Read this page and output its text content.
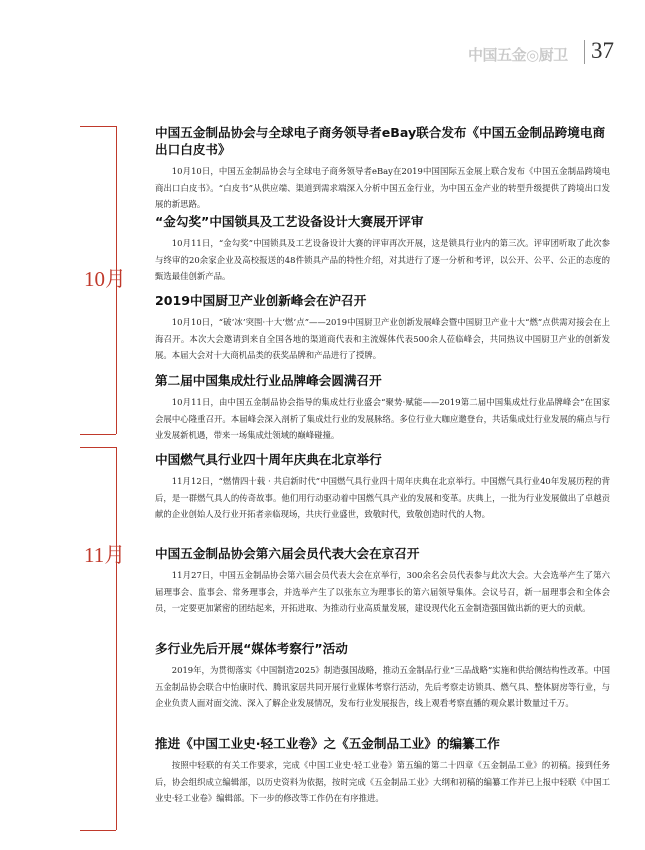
中国五金◎厨卫 37
10月
11月
中国五金制品协会与全球电子商务领导者eBay联合发布《中国五金制品跨境电商出口白皮书》

10月10日，中国五金制品协会与全球电子商务领导者eBay在2019中国国际五金展上联合发布《中国五金制品跨境电商出口白皮书》。“白皮书”从供应端、渠道到需求端深入分析中国五金行业，为中国五金产业的转型升级提供了跨境出口发展的新思路。

“金勾奖”中国锁具及工艺设备设计大赛展开评审

10月11日，“金勾奖”中国锁具及工艺设备设计大赛的评审再次开展，这是锁具行业内的第三次。评审团听取了此次参与终审的20余家企业及高校报送的48件锁具产品的特性介绍，对其进行了逐一分析和考评，以公开、公平、公正的态度的甄选最佳创新产品。

2019中国厨卫产业创新峰会在沪召开

10月10日，“破‘冰’突围·十大‘燃’点”——2019中国厨卫产业创新发展峰会暨中国厨卫产业十大“燃”点供需对接会在上海召开。本次大会邀请到来自全国各地的渠道商代表和主流媒体代表500余人莅临峰会，共同热议中国厨卫产业的创新发展。本届大会对十大商机品类的获奖品牌和产品进行了授牌。

第二届中国集成灶行业品牌峰会圆满召开

10月11日，由中国五金制品协会指导的集成灶行业盛会“聚势·赋能——2019第二届中国集成灶行业品牌峰会”在国家会展中心隆重召开。本届峰会深入剖析了集成灶行业的发展脉络。多位行业大咖应邀登台，共话集成灶行业发展的痛点与行业发展新机遇，带来一场集成灶领域的巅峰碰撞。

中国燃气具行业四十周年庆典在北京举行

11月12日，“燃情四十载 · 共启新时代”中国燃气具行业四十周年庆典在北京举行。中国燃气具行业40年发展历程的背后，是一群燃气具人的传奇故事。他们用行动驱动着中国燃气具产业的发展和变革。庆典上，一批为行业发展做出了卓越贡献的企业创始人及行业开拓者亲临现场，共庆行业盛世，致敬时代，致敬创造时代的人物。

中国五金制品协会第六届会员代表大会在京召开

11月27日，中国五金制品协会第六届会员代表大会在京举行，300余名会员代表参与此次大会。大会选举产生了第六届理事会、监事会、常务理事会，并选举产生了以张东立为理事长的第六届领导集体。会议号召，新一届理事会和全体会员，一定要更加紧密的团结起来，开拓进取、为推动行业高质量发展，建设现代化五金制造强国做出新的更大的贡献。

多行业先后开展“媒体考察行”活动

2019年，为贯彻落实《中国制造2025》制造强国战略，推动五金制品行业“三品战略”实施和供给侧结构性改革。中国五金制品协会联合中怡康时代、腾讯家居共同开展行业媒体考察行活动，先后考察走访锁具、燃气具、整体厨房等行业，与企业负责人面对面交流、深入了解企业发展情况，发布行业发展报告，线上观看考察直播的观众累计数量过千万。

推进《中国工业史·轻工业卷》之《五金制品工业》的编纂工作

按照中轻联的有关工作要求，完成《中国工业史·轻工业卷》第五编的第二十四章《五金制品工业》的初稿。接到任务后，协会组织成立编辑部，以历史资料为依据，按时完成《五金制品工业》大纲和初稿的编纂工作并已上报中轻联《中国工业史·轻工业卷》编辑部。下一步的修改等工作仍在有序推进。
